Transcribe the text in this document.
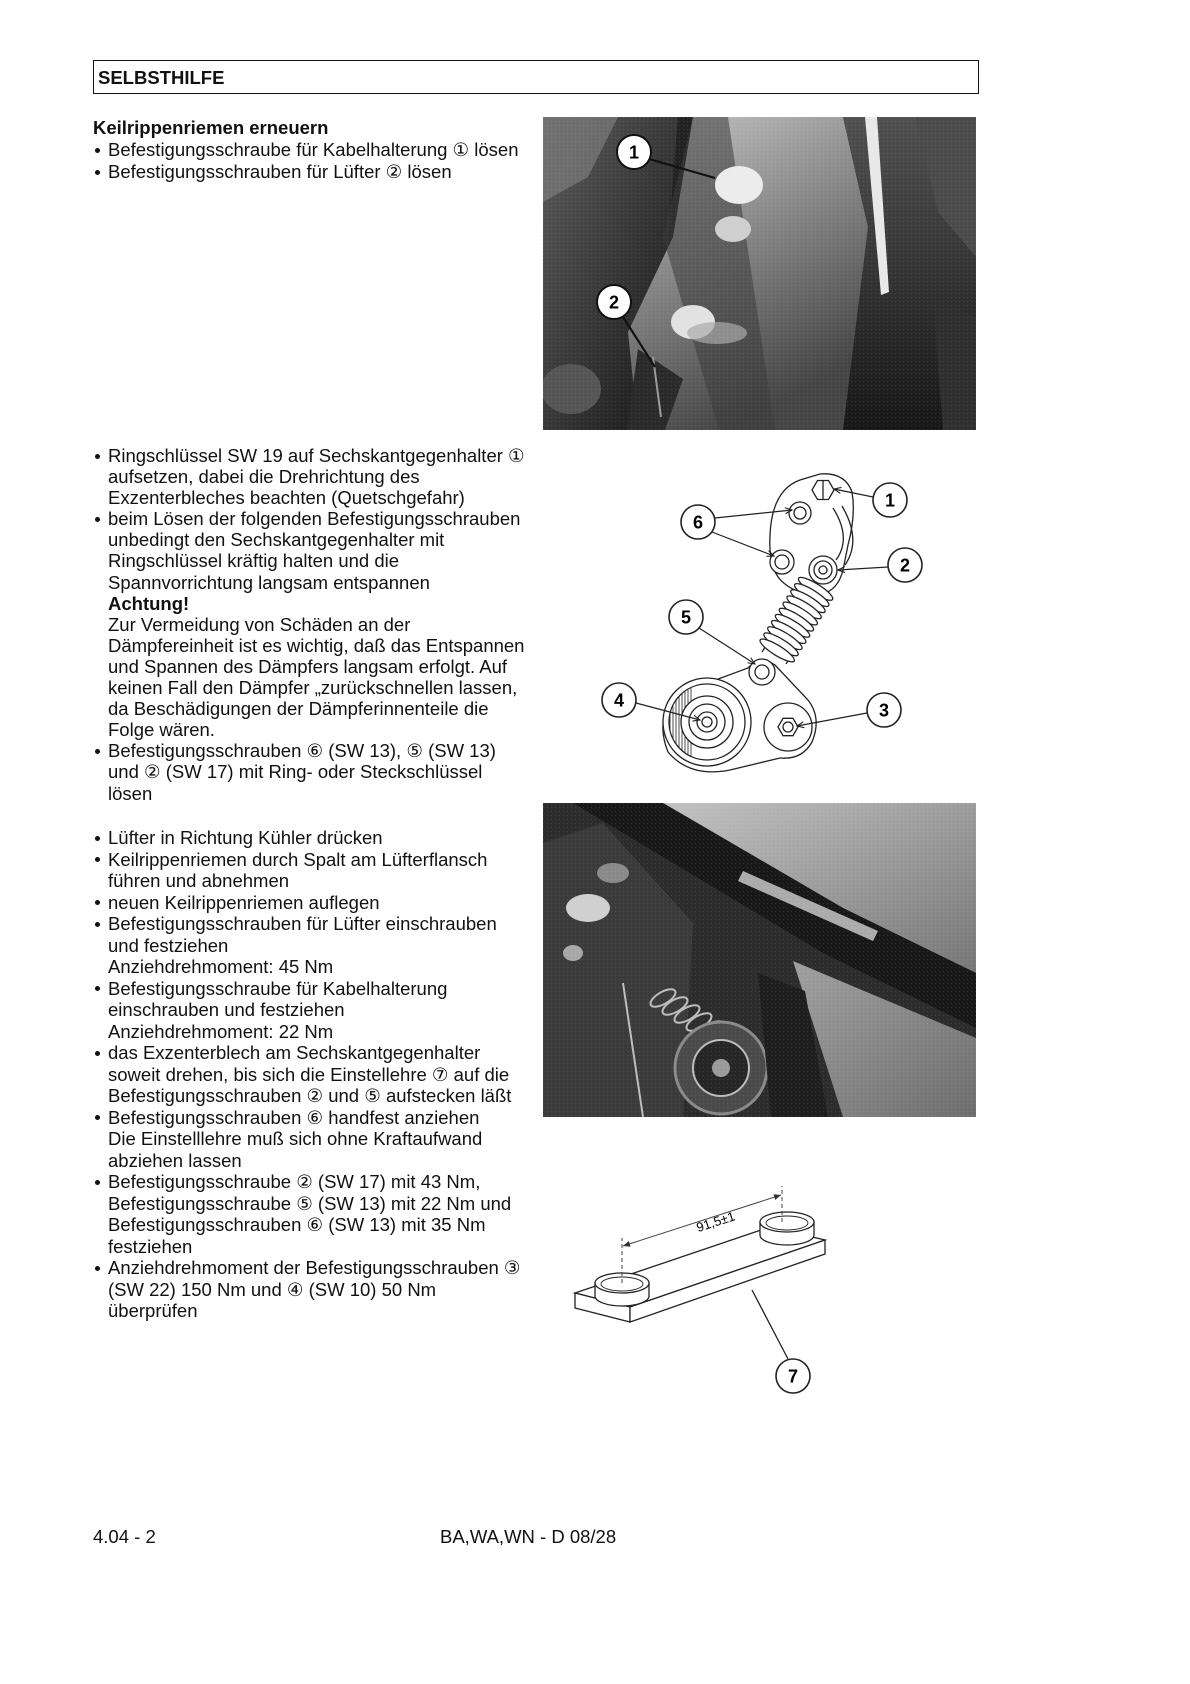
SELBSTHILFE
Keilrippenriemen erneuern
Befestigungsschraube für Kabelhalterung ① lösen
Befestigungsschrauben für Lüfter ② lösen
Ringschlüssel SW 19 auf Sechskantgegenhalter ①
aufsetzen, dabei die Drehrichtung des
Exzenterbleches beachten (Quetschgefahr)
beim Lösen der folgenden Befestigungsschrauben
unbedingt den Sechskantgegenhalter mit
Ringschlüssel kräftig halten und die
Spannvorrichtung langsam entspannen
Achtung!
Zur Vermeidung von Schäden an der
Dämpfereinheit ist es wichtig, daß das Entspannen
und Spannen des Dämpfers langsam erfolgt. Auf
keinen Fall den Dämpfer „zurückschnellen lassen,
da Beschädigungen der Dämpferinnenteile die
Folge wären.
Befestigungsschrauben ⑥ (SW 13), ⑤ (SW 13)
und ② (SW 17) mit Ring- oder Steckschlüssel
lösen
Lüfter in Richtung Kühler drücken
Keilrippenriemen durch Spalt am Lüfterflansch
führen und abnehmen
neuen Keilrippenriemen auflegen
Befestigungsschrauben für Lüfter einschrauben
und festziehen
Anziehdrehmoment: 45 Nm
Befestigungsschraube für Kabelhalterung
einschrauben und festziehen
Anziehdrehmoment: 22 Nm
das Exzenterblech am Sechskantgegenhalter
soweit drehen, bis sich die Einstellehre ⑦ auf die
Befestigungsschrauben ② und ⑤ aufstecken läßt
Befestigungsschrauben ⑥ handfest anziehen
Die Einstelllehre muß sich ohne Kraftaufwand
abziehen lassen
Befestigungsschraube ② (SW 17) mit 43 Nm,
Befestigungsschraube ⑤ (SW 13) mit 22 Nm und
Befestigungsschrauben ⑥ (SW 13) mit 35 Nm
festziehen
Anziehdrehmoment der Befestigungsschrauben ③
(SW 22) 150 Nm und ④ (SW 10) 50 Nm
überprüfen
1
2
1
6
2
5
4	3
91,5±1
7
4.04 - 2	BA,WA,WN - D 08/28
